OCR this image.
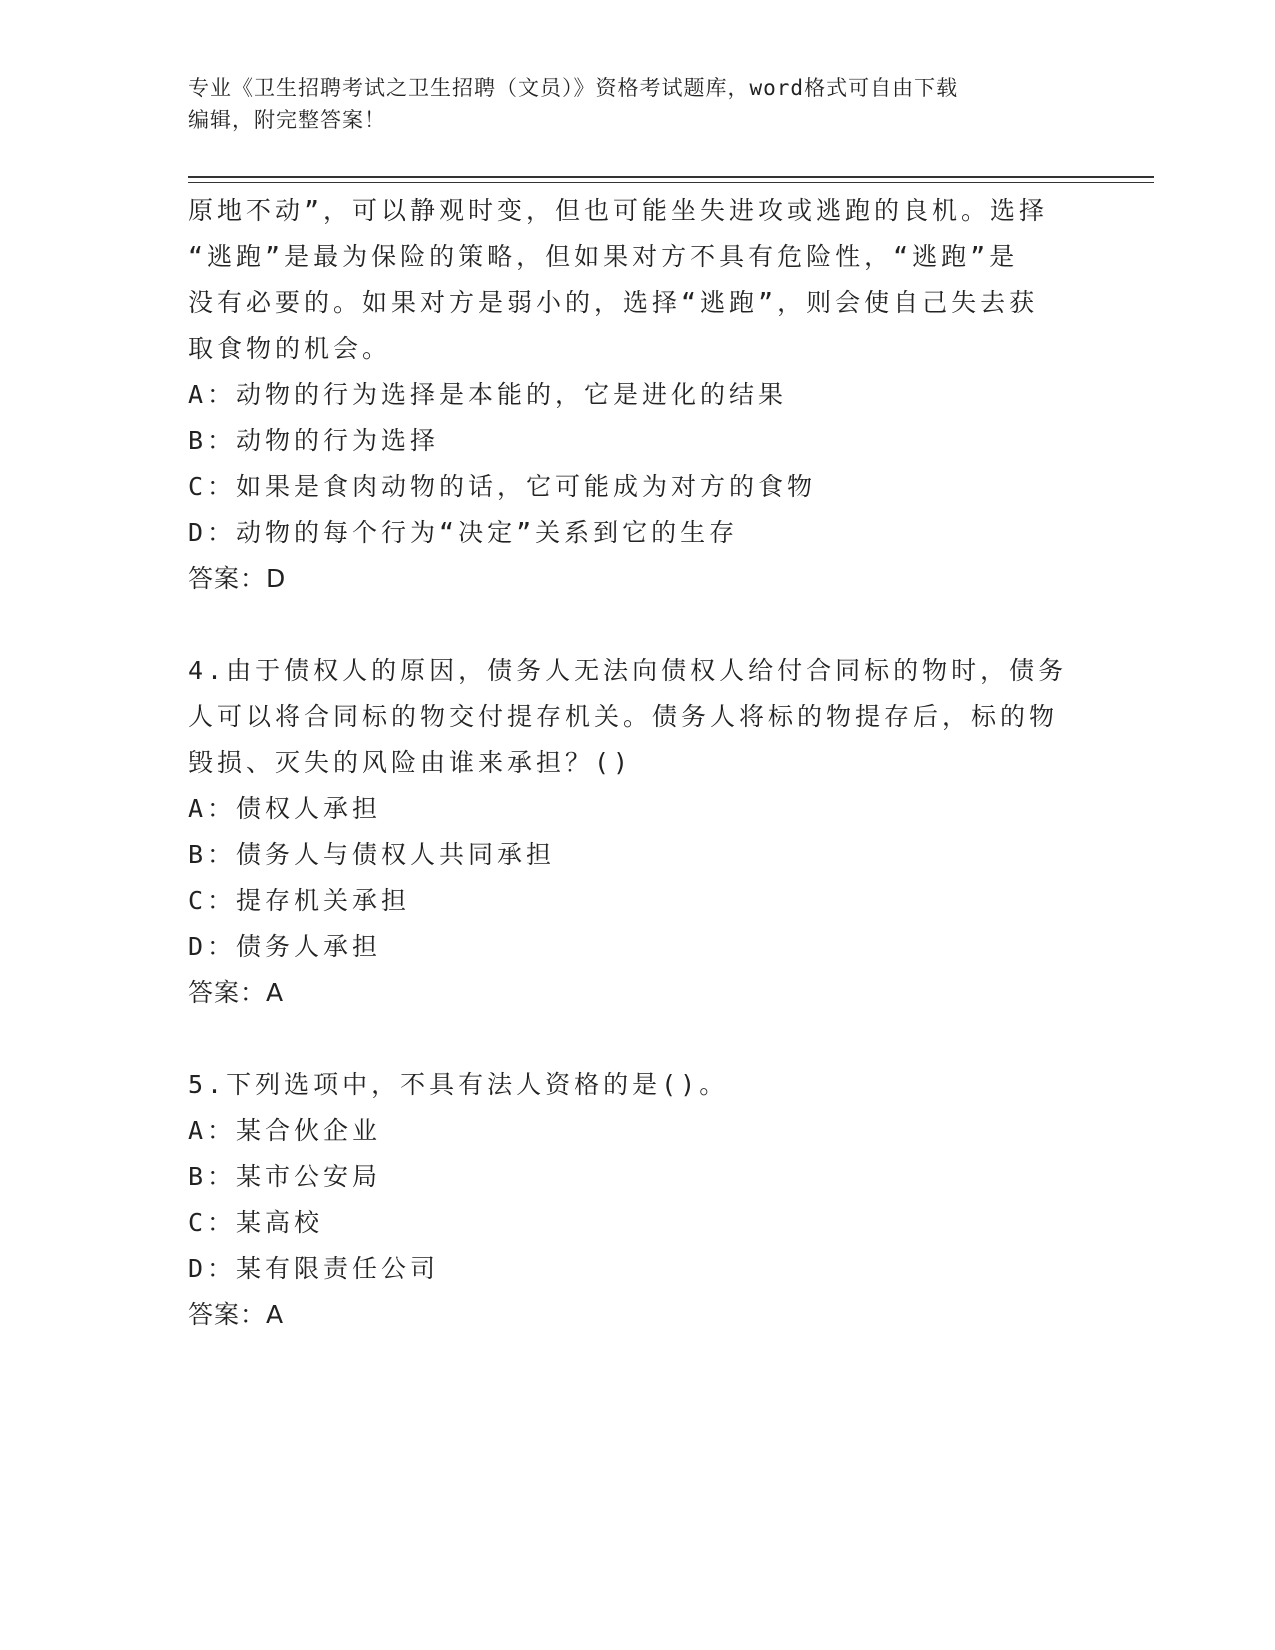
专业《卫生招聘考试之卫生招聘（文员）》资格考试题库，word格式可自由下载
编辑，附完整答案！
原地不动”，可以静观时变，但也可能坐失进攻或逃跑的良机。选择
“逃跑”是最为保险的策略，但如果对方不具有危险性，“逃跑”是
没有必要的。如果对方是弱小的，选择“逃跑”，则会使自己失去获
取食物的机会。
A：动物的行为选择是本能的，它是进化的结果
B：动物的行为选择
C：如果是食肉动物的话，它可能成为对方的食物
D：动物的每个行为“决定”关系到它的生存
答案：D
4.由于债权人的原因，债务人无法向债权人给付合同标的物时，债务
人可以将合同标的物交付提存机关。债务人将标的物提存后，标的物
毁损、灭失的风险由谁来承担？()
A：债权人承担
B：债务人与债权人共同承担
C：提存机关承担
D：债务人承担
答案：A
5.下列选项中，不具有法人资格的是()。
A：某合伙企业
B：某市公安局
C：某高校
D：某有限责任公司
答案：A
